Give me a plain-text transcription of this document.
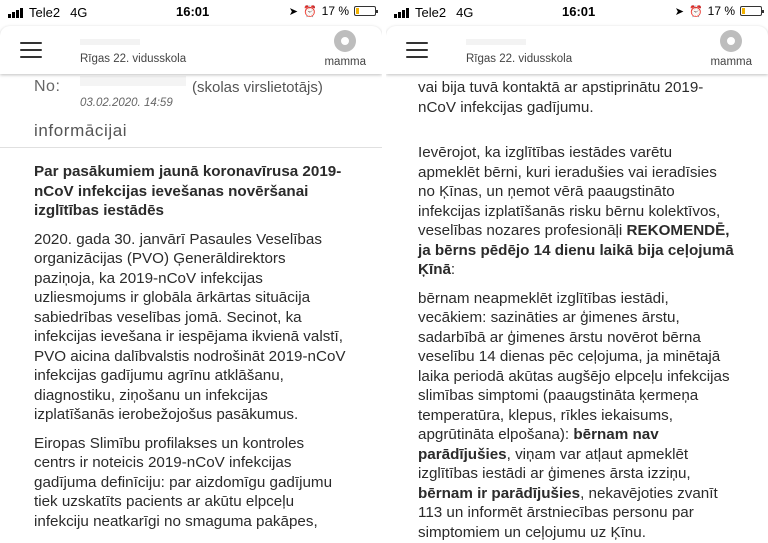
Tele2 4G	16:01	➤ ⏰ 17 %
Rīgas 22. vidusskola	mamma
No:	(skolas virslietotājs)
03.02.2020. 14:59
informācijai

Par pasākumiem jaunā koronavīrusa 2019-nCoV infekcijas ievešanas novēršanai izglītības iestādēs

2020. gada 30. janvārī Pasaules Veselības organizācijas (PVO) Ģenerāldirektors paziņoja, ka 2019-nCoV infekcijas uzliesmojums ir globāla ārkārtas situācija sabiedrības veselības jomā. Secinot, ka infekcijas ievešana ir iespējama ikvienā valstī, PVO aicina dalībvalstis nodrošināt 2019-nCoV infekcijas gadījumu agrīnu atklāšanu, diagnostiku, ziņošanu un infekcijas izplatīšanās ierobežojošus pasākumus.

Eiropas Slimību profilakses un kontroles centrs ir noteicis 2019-nCoV infekcijas gadījuma definīciju: par aizdomīgu gadījumu tiek uzskatīts pacients ar akūtu elpceļu infekciju neatkarīgi no smaguma pakāpes,

Tele2 4G	16:01	➤ ⏰ 17 %
Rīgas 22. vidusskola	mamma

vai bija tuvā kontaktā ar apstiprinātu 2019-nCoV infekcijas gadījumu.

Ievērojot, ka izglītības iestādes varētu apmeklēt bērni, kuri ieradušies vai ieradīsies no Ķīnas, un ņemot vērā paaugstināto infekcijas izplatīšanās risku bērnu kolektīvos, veselības nozares profesionāļi REKOMENDĒ, ja bērns pēdējo 14 dienu laikā bija ceļojumā Ķīnā:

bērnam neapmeklēt izglītības iestādi, vecākiem: sazināties ar ģimenes ārstu, sadarbībā ar ģimenes ārstu novērot bērna veselību 14 dienas pēc ceļojuma, ja minētajā laika periodā akūtas augšējo elpceļu infekcijas slimības simptomi (paaugstināta ķermeņa temperatūra, klepus, rīkles iekaisums, apgrūtināta elpošana): bērnam nav parādījušies, viņam var atļaut apmeklēt izglītības iestādi ar ģimenes ārsta izziņu, bērnam ir parādījušies, nekavējoties zvanīt 113 un informēt ārstniecības personu par simptomiem un ceļojumu uz Ķīnu.
